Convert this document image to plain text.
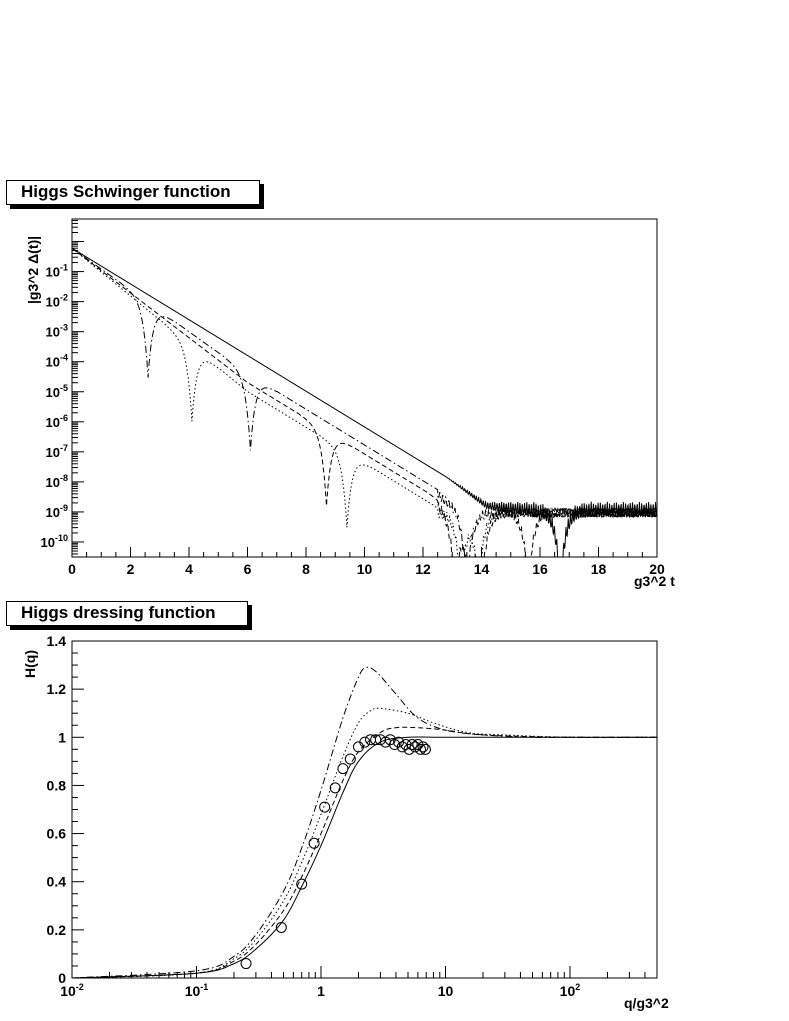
Higgs Schwinger function
Higgs dressing function
0	2	4	6	8	10	12	14	16	18	20
$10^{-10}$
$10^{-9}$
$10^{-8}$
$10^{-7}$
$10^{-6}$
$10^{-5}$
$10^{-4}$
$10^{-3}$
$10^{-2}$
$10^{-1}$
|g3^2 Δ(t)|
g3^2 t
$10^{-2}$	$10^{-1}$	1	10	$10^2$
0
0.2
0.4
0.6
0.8
1
1.2
1.4
H(q)
q/g3^2
